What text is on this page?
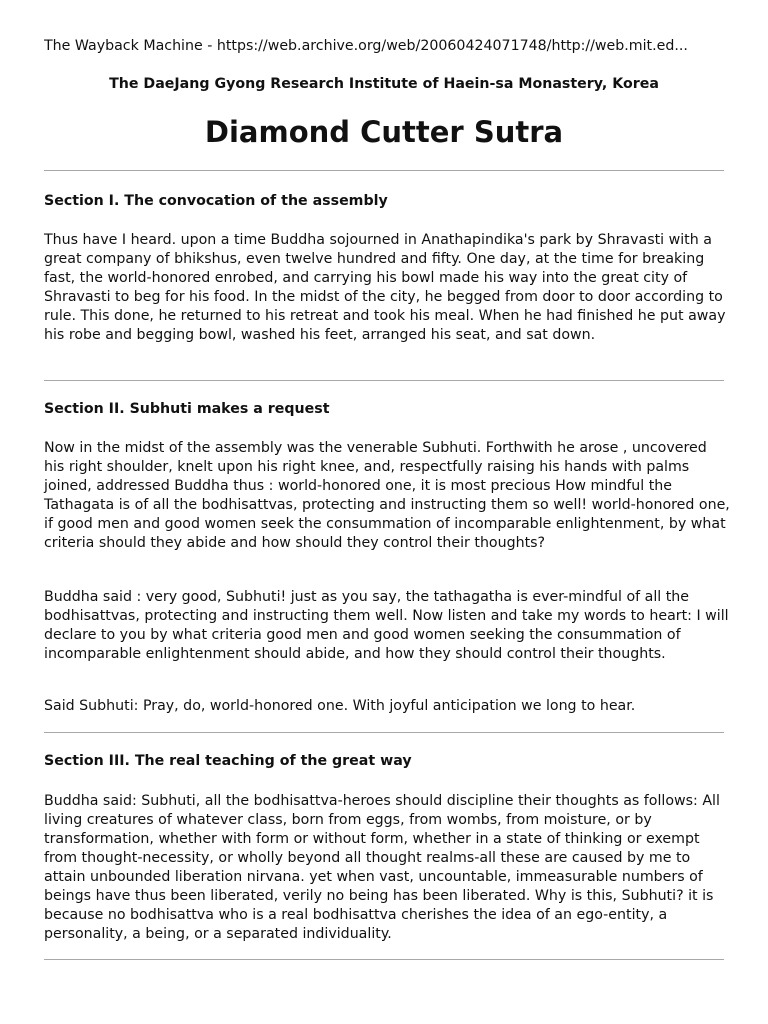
The Wayback Machine - https://web.archive.org/web/20060424071748/http://web.mit.ed...
The DaeJang Gyong Research Institute of Haein-sa Monastery, Korea
Diamond Cutter Sutra
Section I. The convocation of the assembly
Thus have I heard. upon a time Buddha sojourned in Anathapindika's park by Shravasti with a great company of bhikshus, even twelve hundred and fifty. One day, at the time for breaking fast, the world-honored enrobed, and carrying his bowl made his way into the great city of Shravasti to beg for his food. In the midst of the city, he begged from door to door according to rule. This done, he returned to his retreat and took his meal. When he had finished he put away his robe and begging bowl, washed his feet, arranged his seat, and sat down.
Section II. Subhuti makes a request
Now in the midst of the assembly was the venerable Subhuti. Forthwith he arose , uncovered his right shoulder, knelt upon his right knee, and, respectfully raising his hands with palms joined, addressed Buddha thus : world-honored one, it is most precious How mindful the Tathagata is of all the bodhisattvas, protecting and instructing them so well! world-honored one, if good men and good women seek the consummation of incomparable enlightenment, by what criteria should they abide and how should they control their thoughts?
Buddha said : very good, Subhuti! just as you say, the tathagatha is ever-mindful of all the bodhisattvas, protecting and instructing them well. Now listen and take my words to heart: I will declare to you by what criteria good men and good women seeking the consummation of incomparable enlightenment should abide, and how they should control their thoughts.
Said Subhuti: Pray, do, world-honored one. With joyful anticipation we long to hear.
Section III. The real teaching of the great way
Buddha said: Subhuti, all the bodhisattva-heroes should discipline their thoughts as follows: All living creatures of whatever class, born from eggs, from wombs, from moisture, or by transformation, whether with form or without form, whether in a state of thinking or exempt from thought-necessity, or wholly beyond all thought realms-all these are caused by me to attain unbounded liberation nirvana. yet when vast, uncountable, immeasurable numbers of beings have thus been liberated, verily no being has been liberated. Why is this, Subhuti? it is because no bodhisattva who is a real bodhisattva cherishes the idea of an ego-entity, a personality, a being, or a separated individuality.
